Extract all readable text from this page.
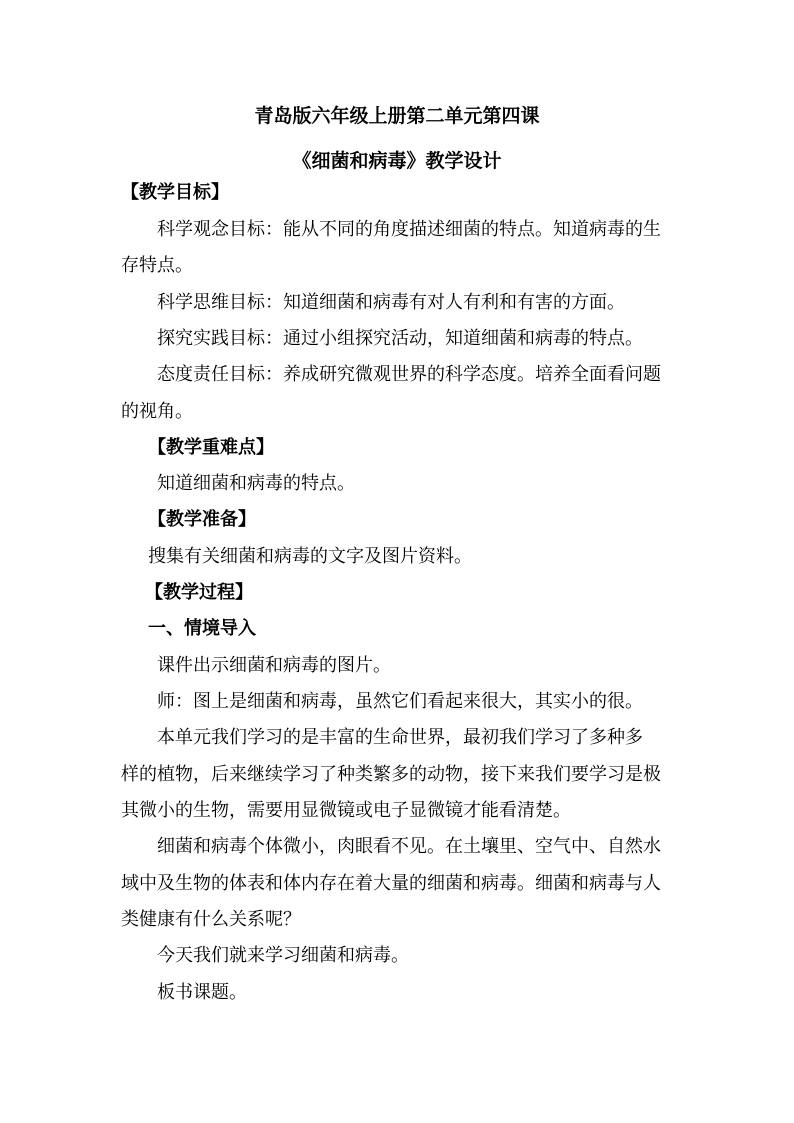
青岛版六年级上册第二单元第四课
《细菌和病毒》教学设计

【教学目标】

科学观念目标：能从不同的角度描述细菌的特点。知道病毒的生

存特点。

科学思维目标：知道细菌和病毒有对人有利和有害的方面。

探究实践目标：通过小组探究活动，知道细菌和病毒的特点。

态度责任目标：养成研究微观世界的科学态度。培养全面看问题

的视角。

【教学重难点】

知道细菌和病毒的特点。

【教学准备】

搜集有关细菌和病毒的文字及图片资料。

【教学过程】

一、情境导入

课件出示细菌和病毒的图片。

师：图上是细菌和病毒，虽然它们看起来很大，其实小的很。

本单元我们学习的是丰富的生命世界，最初我们学习了多种多

样的植物，后来继续学习了种类繁多的动物，接下来我们要学习是极

其微小的生物，需要用显微镜或电子显微镜才能看清楚。

细菌和病毒个体微小，肉眼看不见。在土壤里、空气中、自然水

域中及生物的体表和体内存在着大量的细菌和病毒。细菌和病毒与人

类健康有什么关系呢？

今天我们就来学习细菌和病毒。

板书课题。
